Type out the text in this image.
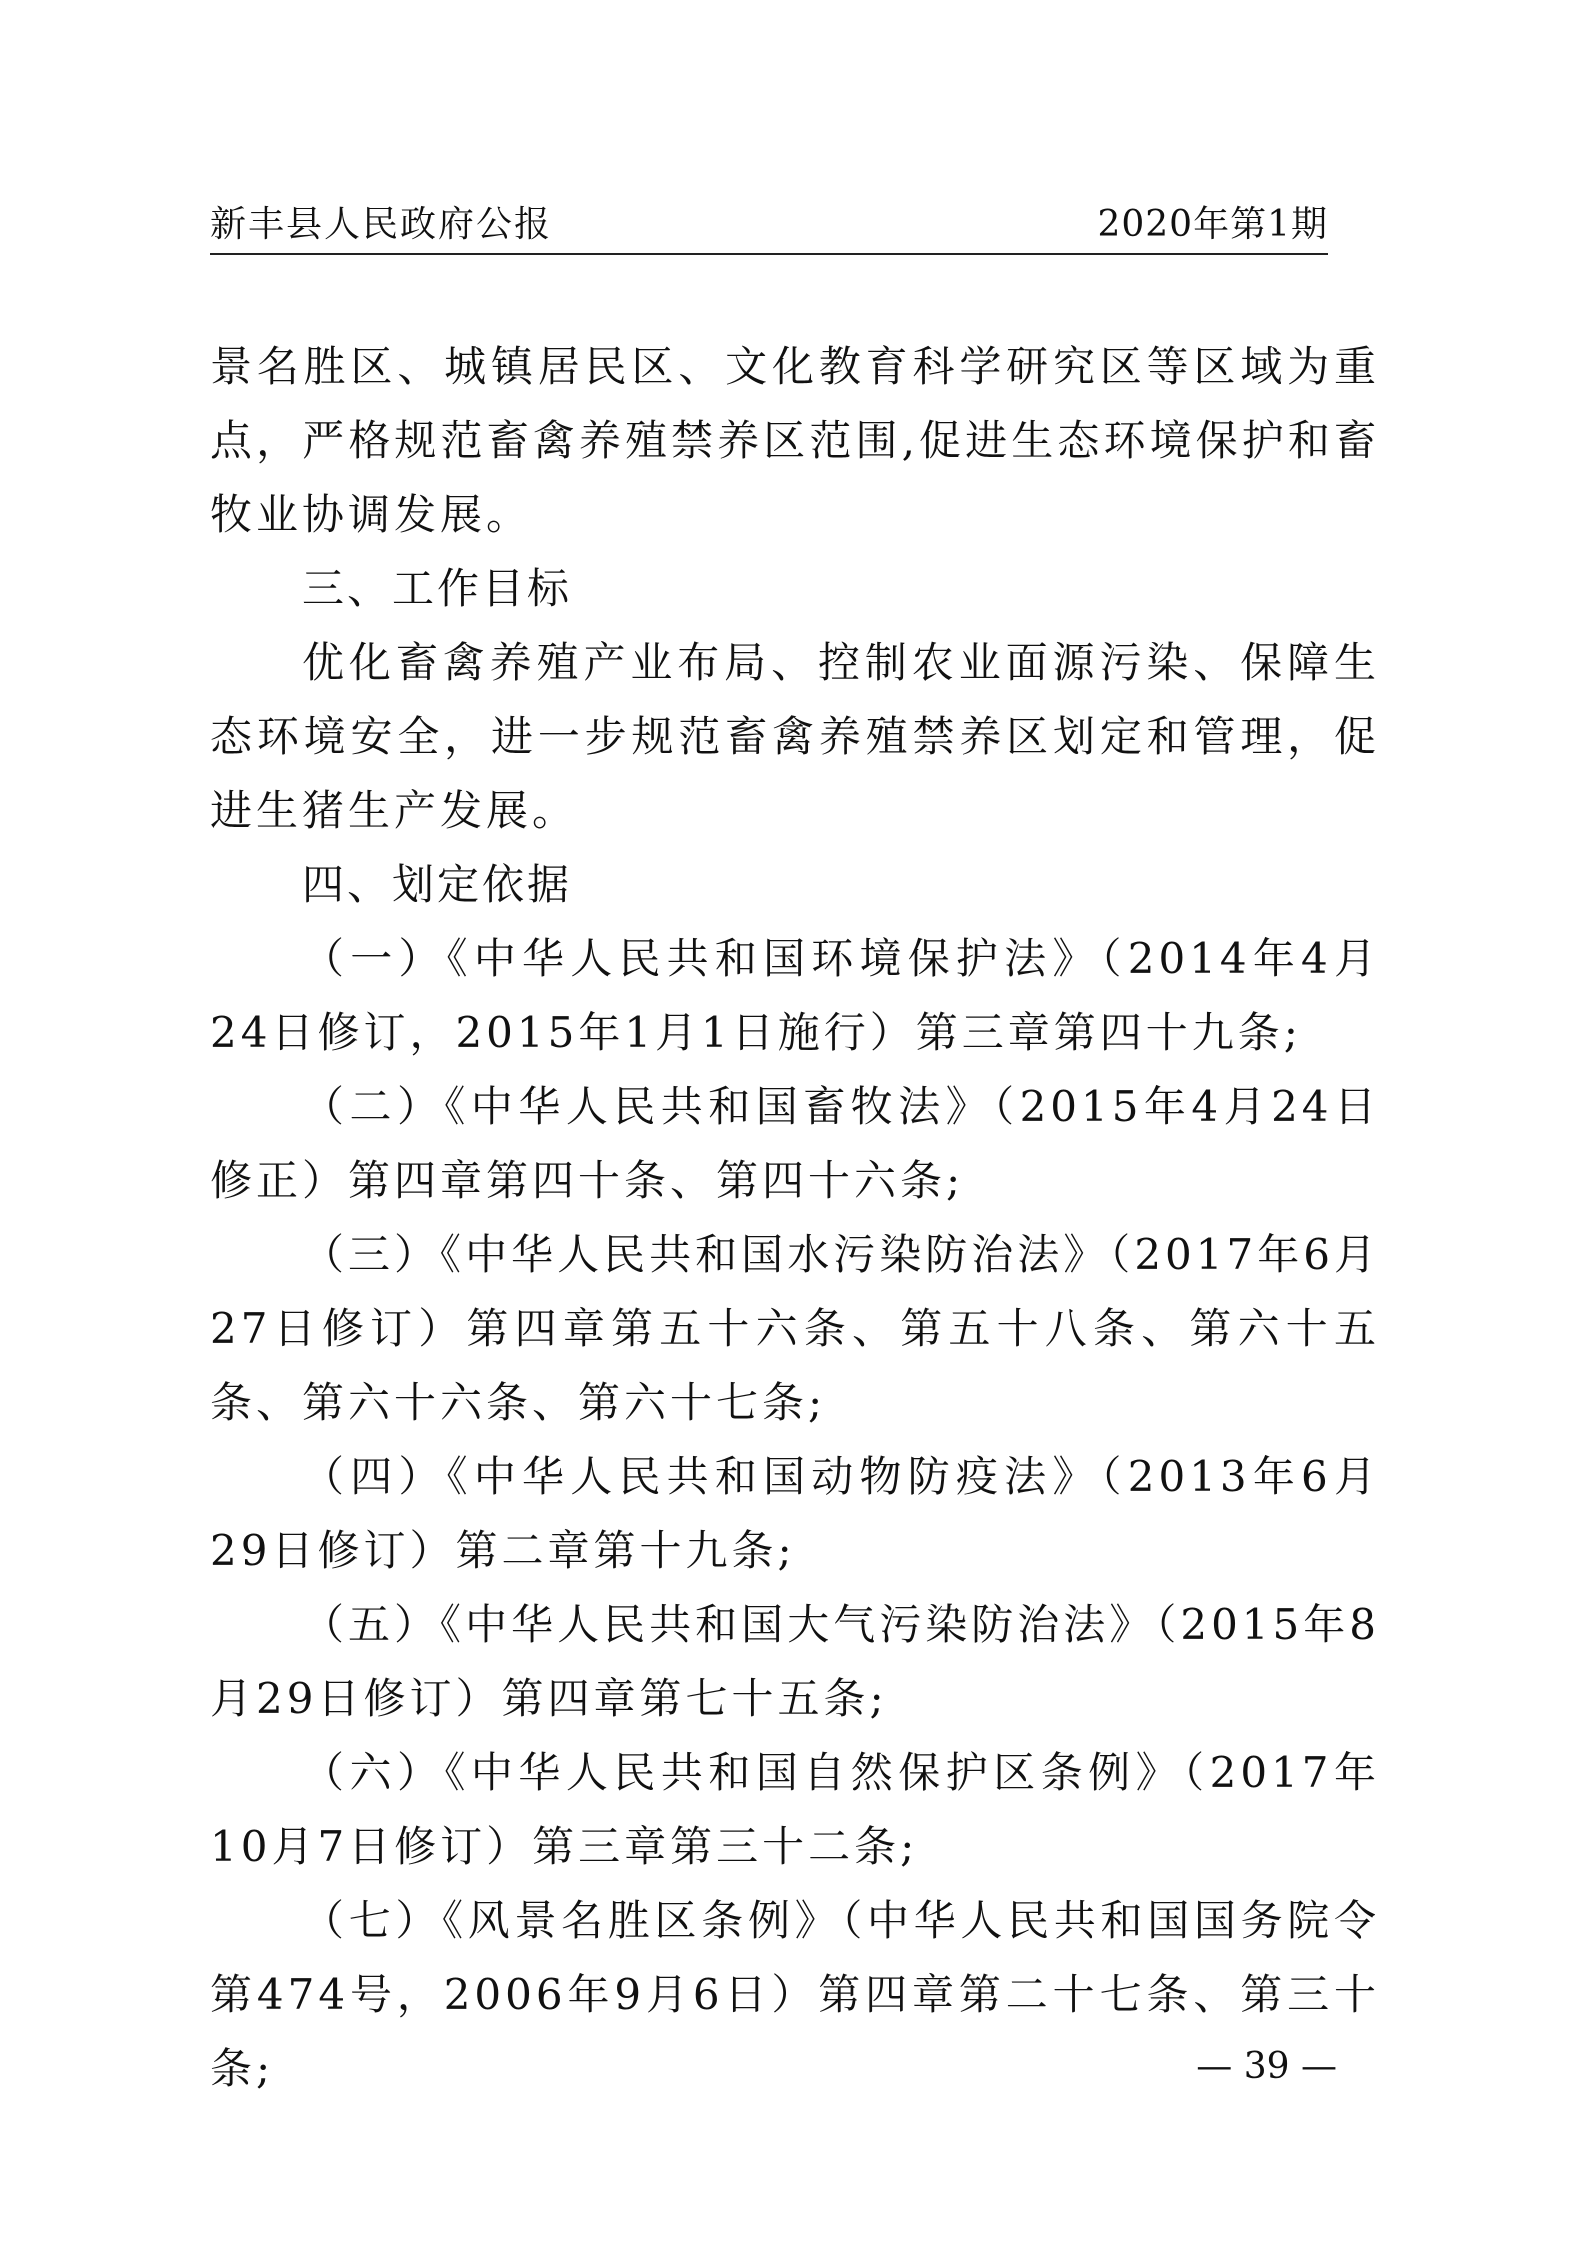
新丰县人民政府公报	2020年第1期

景名胜区、城镇居民区、文化教育科学研究区等区域为重点，严格规范畜禽养殖禁养区范围,促进生态环境保护和畜牧业协调发展。

三、工作目标

优化畜禽养殖产业布局、控制农业面源污染、保障生态环境安全，进一步规范畜禽养殖禁养区划定和管理，促进生猪生产发展。

四、划定依据

（一）《中华人民共和国环境保护法》（2014年4月24日修订，2015年1月1日施行）第三章第四十九条;

（二）《中华人民共和国畜牧法》（2015年4月24日修正）第四章第四十条、第四十六条;

（三）《中华人民共和国水污染防治法》（2017年6月27日修订）第四章第五十六条、第五十八条、第六十五条、第六十六条、第六十七条;

（四）《中华人民共和国动物防疫法》（2013年6月29日修订）第二章第十九条;

（五）《中华人民共和国大气污染防治法》（2015年8月29日修订）第四章第七十五条;

（六）《中华人民共和国自然保护区条例》（2017年10月7日修订）第三章第三十二条;

（七）《风景名胜区条例》（中华人民共和国国务院令第474号，2006年9月6日）第四章第二十七条、第三十条;	— 39 —
